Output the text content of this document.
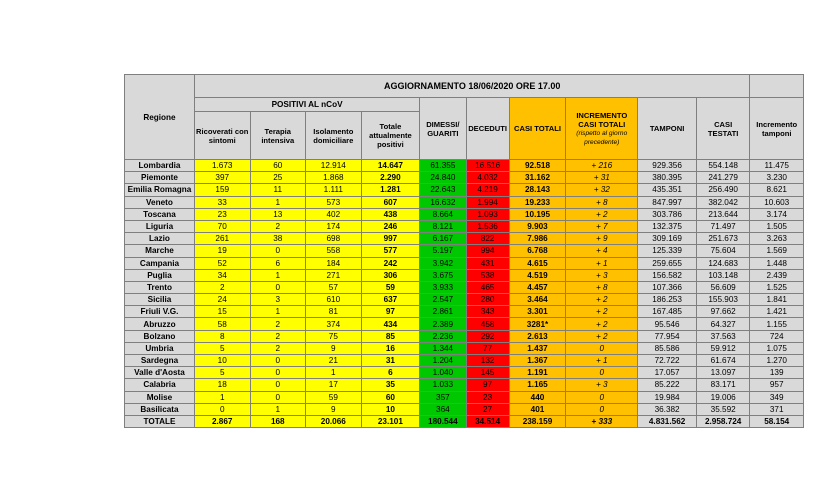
Regione	AGGIORNAMENTO 18/06/2020 ORE 17.00										
	POSITIVI AL nCoV				DIMESSI/ GUARITI	DECEDUTI	CASI TOTALI	INCREMENTO CASI TOTALI
(rispetto al giorno precedente)	TAMPONI	CASI TESTATI	Incremento tamponi
	Ricoverati con sintomi	Terapia intensiva	Isolamento domiciliare	Totale attualmente positivi							
Lombardia	1.673	60	12.914	14.647	61.355	16.516	92.518	+ 216	929.356	554.148	11.475
Piemonte	397	25	1.868	2.290	24.840	4.032	31.162	+ 31	380.395	241.279	3.230
Emilia Romagna	159	11	1.111	1.281	22.643	4.219	28.143	+ 32	435.351	256.490	8.621
Veneto	33	1	573	607	16.632	1.994	19.233	+ 8	847.997	382.042	10.603
Toscana	23	13	402	438	8.664	1.093	10.195	+ 2	303.786	213.644	3.174
Liguria	70	2	174	246	8.121	1.536	9.903	+ 7	132.375	71.497	1.505
Lazio	261	38	698	997	6.167	822	7.986	+ 9	309.169	251.673	3.263
Marche	19	0	558	577	5.197	994	6.768	+ 4	125.339	75.604	1.569
Campania	52	6	184	242	3.942	431	4.615	+ 1	259.655	124.683	1.448
Puglia	34	1	271	306	3.675	538	4.519	+ 3	156.582	103.148	2.439
Trento	2	0	57	59	3.933	465	4.457	+ 8	107.366	56.609	1.525
Sicilia	24	3	610	637	2.547	280	3.464	+ 2	186.253	155.903	1.841
Friuli V.G.	15	1	81	97	2.861	343	3.301	+ 2	167.485	97.662	1.421
Abruzzo	58	2	374	434	2.389	458	3281*	+ 2	95.546	64.327	1.155
Bolzano	8	2	75	85	2.236	292	2.613	+ 2	77.954	37.563	724
Umbria	5	2	9	16	1.344	77	1.437	0	85.586	59.912	1.075
Sardegna	10	0	21	31	1.204	132	1.367	+ 1	72.722	61.674	1.270
Valle d'Aosta	5	0	1	6	1.040	145	1.191	0	17.057	13.097	139
Calabria	18	0	17	35	1.033	97	1.165	+ 3	85.222	83.171	957
Molise	1	0	59	60	357	23	440	0	19.984	19.006	349
Basilicata	0	1	9	10	364	27	401	0	36.382	35.592	371
TOTALE	2.867	168	20.066	23.101	180.544	34.514	238.159	+ 333	4.831.562	2.958.724	58.154
